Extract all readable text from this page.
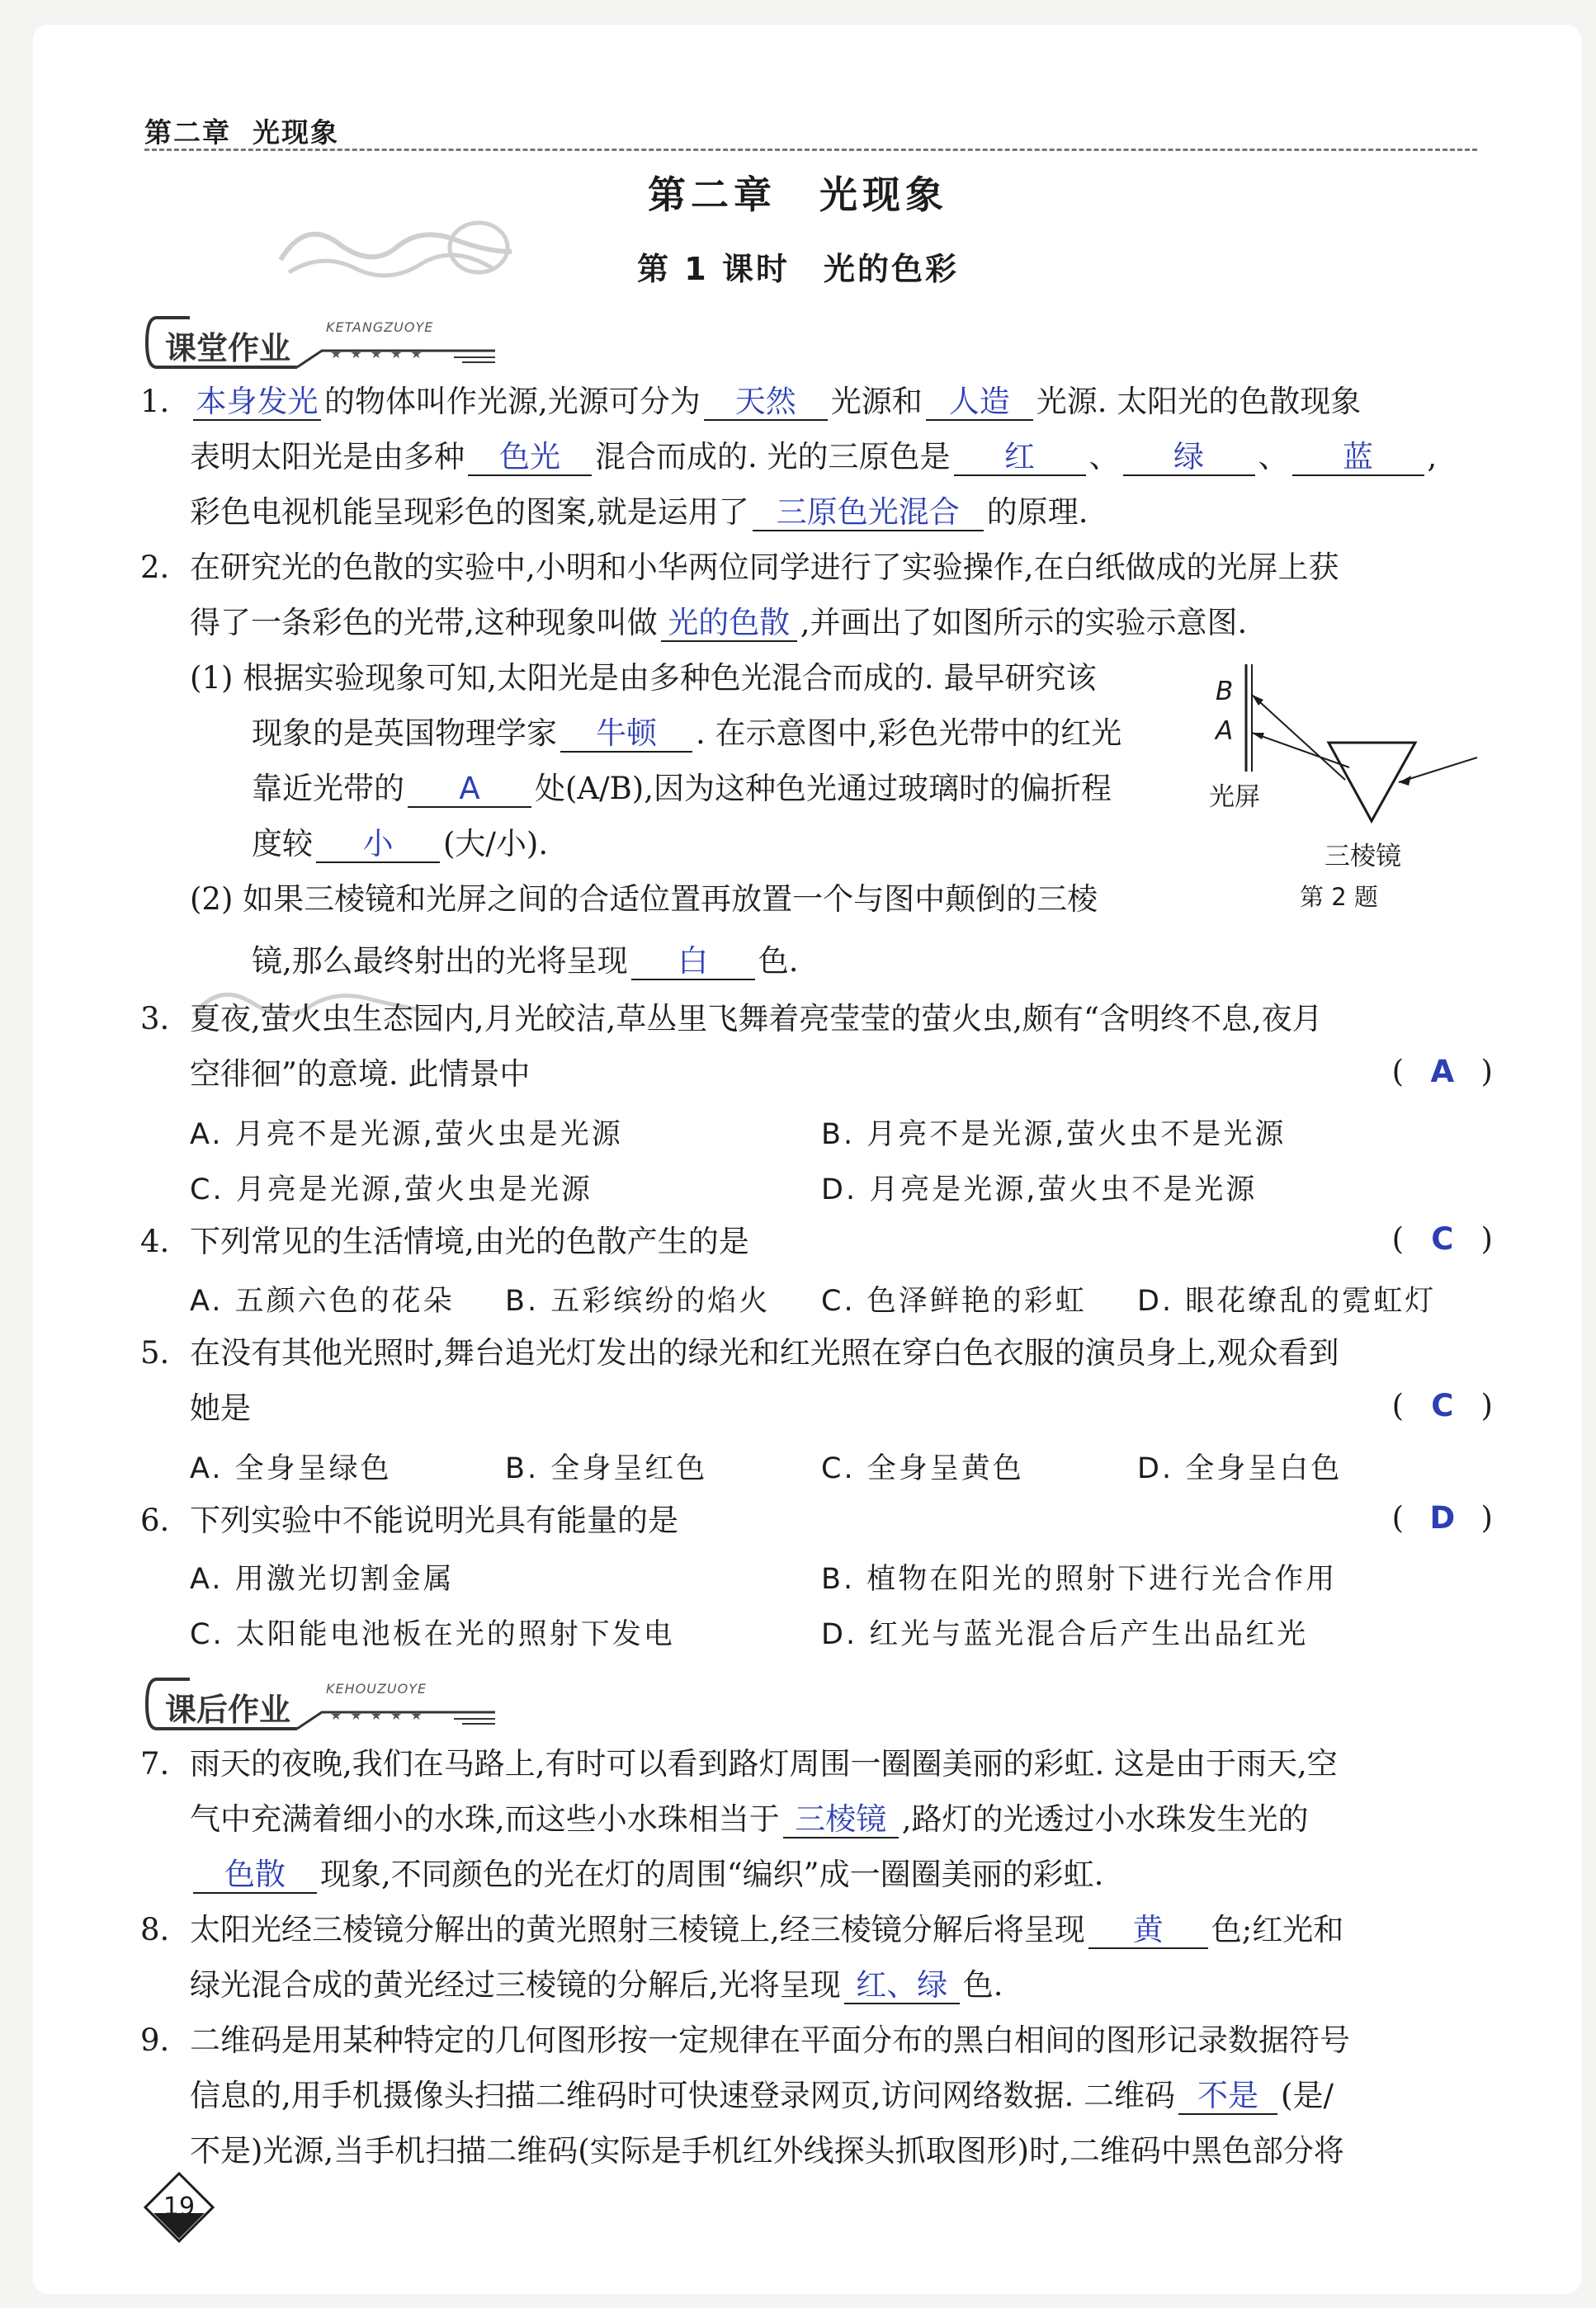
第二章 光现象
第二章　光现象
第 1 课时　光的色彩
课堂作业
KETANGZUOYE
★★★★★
1. 本身发光 的物体叫作光源,光源可分为 天然 光源和 人造 光源. 太阳光的色散现象
表明太阳光是由多种 色光 混合而成的. 光的三原色是 红 、 绿 、 蓝 ,
彩色电视机能呈现彩色的图案,就是运用了 三原色光混合 的原理.
2. 在研究光的色散的实验中,小明和小华两位同学进行了实验操作,在白纸做成的光屏上获
得了一条彩色的光带,这种现象叫做 光的色散 ,并画出了如图所示的实验示意图.
(1) 根据实验现象可知,太阳光是由多种色光混合而成的. 最早研究该
现象的是英国物理学家 牛顿 . 在示意图中,彩色光带中的红光
靠近光带的 A 处(A/B),因为这种色光通过玻璃时的偏折程
度较 小 (大/小).
(2) 如果三棱镜和光屏之间的合适位置再放置一个与图中颠倒的三棱
镜,那么最终射出的光将呈现 白 色.
B
A
光屏
三棱镜
第 2 题
3. 夏夜,萤火虫生态园内,月光皎洁,草丛里飞舞着亮莹莹的萤火虫,颇有“含明终不息,夜月
空徘徊”的意境. 此情景中	( A )
A. 月亮不是光源,萤火虫是光源	B. 月亮不是光源,萤火虫不是光源
C. 月亮是光源,萤火虫是光源	D. 月亮是光源,萤火虫不是光源
4. 下列常见的生活情境,由光的色散产生的是	( C )
A. 五颜六色的花朵 B. 五彩缤纷的焰火 C. 色泽鲜艳的彩虹 D. 眼花缭乱的霓虹灯
5. 在没有其他光照时,舞台追光灯发出的绿光和红光照在穿白色衣服的演员身上,观众看到
她是	( C )
A. 全身呈绿色	B. 全身呈红色	C. 全身呈黄色	D. 全身呈白色
6. 下列实验中不能说明光具有能量的是	( D )
A. 用激光切割金属	B. 植物在阳光的照射下进行光合作用
C. 太阳能电池板在光的照射下发电	D. 红光与蓝光混合后产生出品红光
课后作业
KEHOUZUOYE
★★★★★
7. 雨天的夜晚,我们在马路上,有时可以看到路灯周围一圈圈美丽的彩虹. 这是由于雨天,空
气中充满着细小的水珠,而这些小水珠相当于 三棱镜 ,路灯的光透过小水珠发生光的
色散 现象,不同颜色的光在灯的周围“编织”成一圈圈美丽的彩虹.
8. 太阳光经三棱镜分解出的黄光照射三棱镜上,经三棱镜分解后将呈现 黄 色;红光和
绿光混合成的黄光经过三棱镜的分解后,光将呈现 红、绿 色.
9. 二维码是用某种特定的几何图形按一定规律在平面分布的黑白相间的图形记录数据符号
信息的,用手机摄像头扫描二维码时可快速登录网页,访问网络数据. 二维码 不是 (是/
不是)光源,当手机扫描二维码(实际是手机红外线探头抓取图形)时,二维码中黑色部分将
19
